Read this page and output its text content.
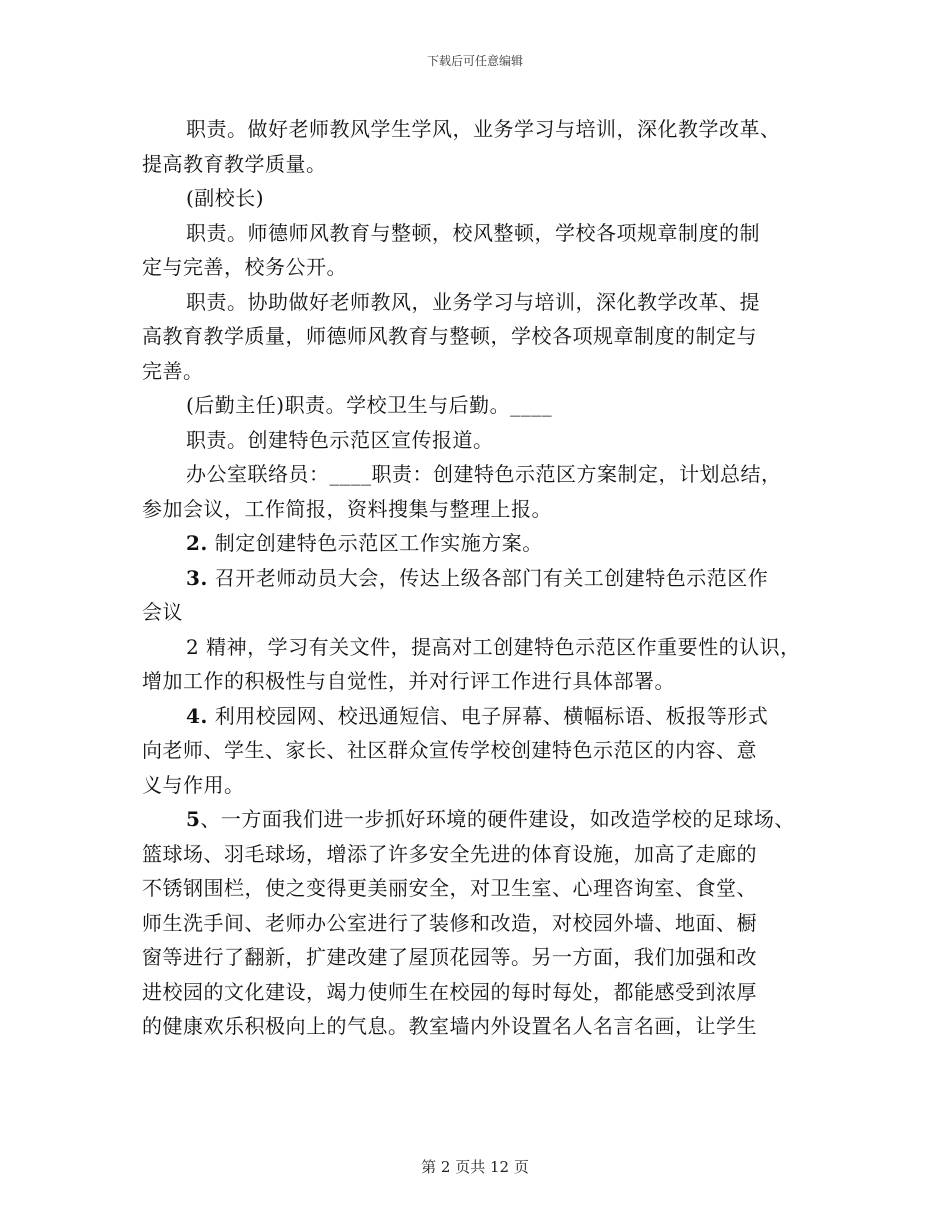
下载后可任意编辑
职责。做好老师教风学生学风，业务学习与培训，深化教学改革、
提高教育教学质量。
(副校长)
职责。师德师风教育与整顿，校风整顿，学校各项规章制度的制
定与完善，校务公开。
职责。协助做好老师教风，业务学习与培训，深化教学改革、提
高教育教学质量，师德师风教育与整顿，学校各项规章制度的制定与
完善。
(后勤主任)职责。学校卫生与后勤。____
职责。创建特色示范区宣传报道。
办公室联络员：____职责：创建特色示范区方案制定，计划总结，
参加会议，工作简报，资料搜集与整理上报。
2. 制定创建特色示范区工作实施方案。
3. 召开老师动员大会，传达上级各部门有关工创建特色示范区作
会议
2 精神，学习有关文件，提高对工创建特色示范区作重要性的认识，
增加工作的积极性与自觉性，并对行评工作进行具体部署。
4. 利用校园网、校迅通短信、电子屏幕、横幅标语、板报等形式
向老师、学生、家长、社区群众宣传学校创建特色示范区的内容、意
义与作用。
5、一方面我们进一步抓好环境的硬件建设，如改造学校的足球场、
篮球场、羽毛球场，增添了许多安全先进的体育设施，加高了走廊的
不锈钢围栏，使之变得更美丽安全，对卫生室、心理咨询室、食堂、
师生洗手间、老师办公室进行了装修和改造，对校园外墙、地面、橱
窗等进行了翻新，扩建改建了屋顶花园等。另一方面，我们加强和改
进校园的文化建设，竭力使师生在校园的每时每处，都能感受到浓厚
的健康欢乐积极向上的气息。教室墙内外设置名人名言名画，让学生
第 2 页共 12 页
